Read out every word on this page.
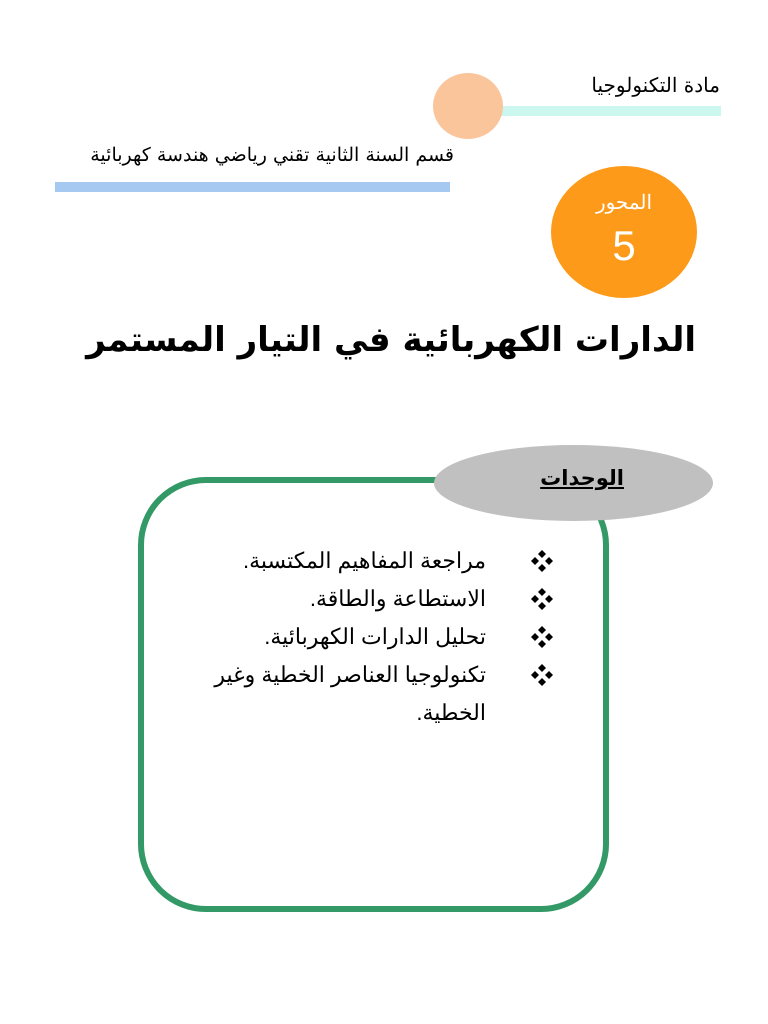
مادة التكنولوجيا
قسم السنة الثانية تقني رياضي هندسة كهربائية
المحور
5
الدارات الكهربائية في التيار المستمر
الوحدات
مراجعة المفاهيم المكتسبة.
الاستطاعة والطاقة.
تحليل الدارات الكهربائية.
تكنولوجيا العناصر الخطية وغير الخطية.
